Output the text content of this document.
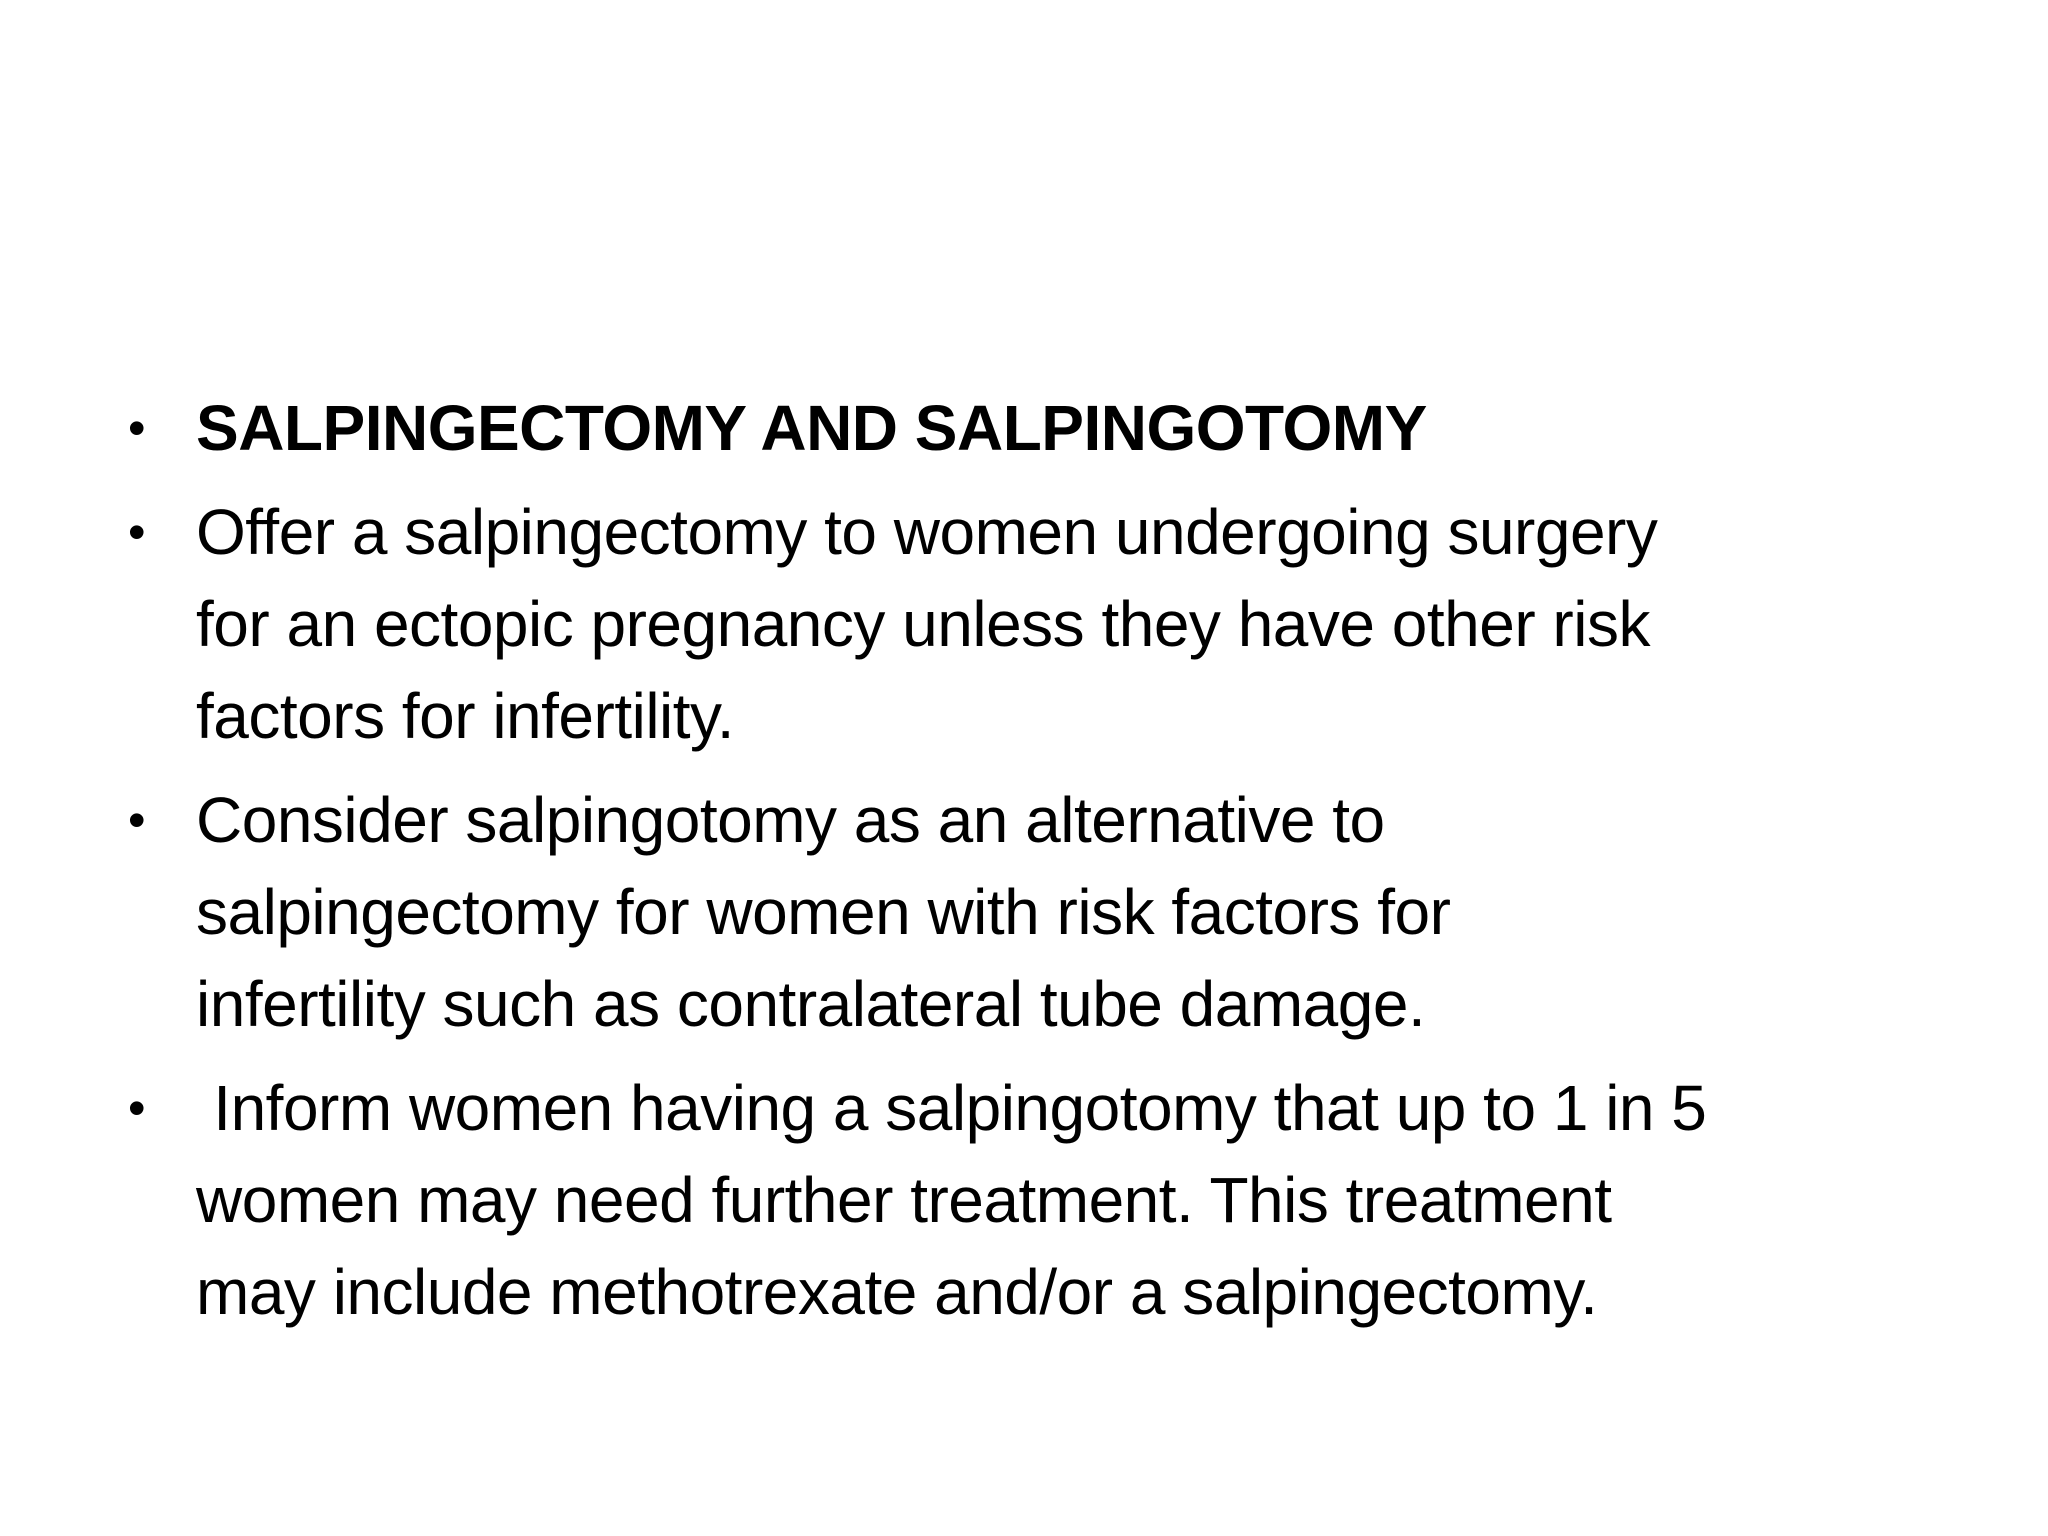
• SALPINGECTOMY AND SALPINGOTOMY
• Offer a salpingectomy to women undergoing surgery
for an ectopic pregnancy unless they have other risk
factors for infertility.
• Consider salpingotomy as an alternative to
salpingectomy for women with risk factors for
infertility such as contralateral tube damage.
• Inform women having a salpingotomy that up to 1 in 5
women may need further treatment. This treatment
may include methotrexate and/or a salpingectomy.
